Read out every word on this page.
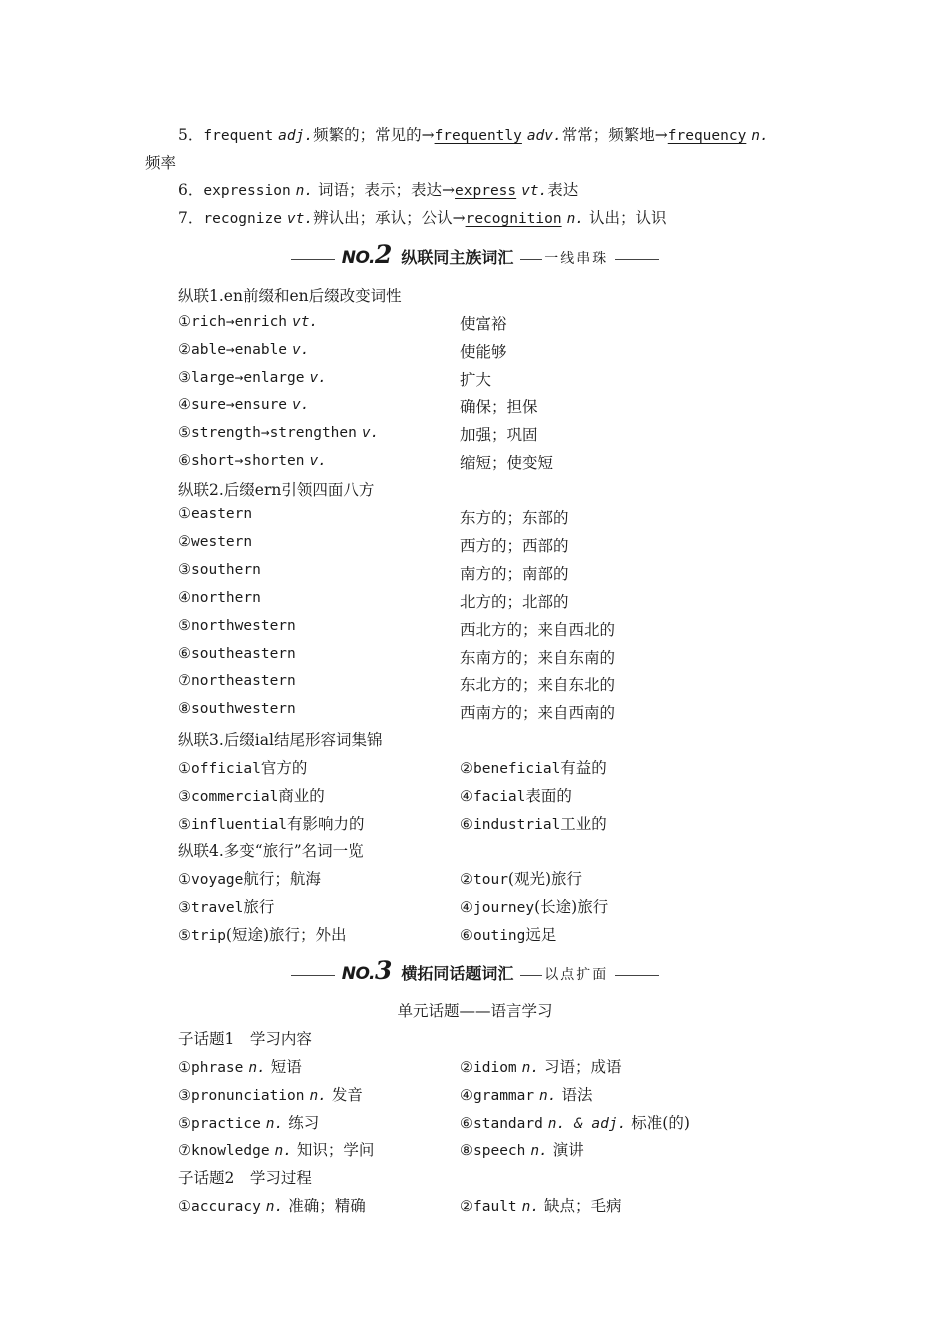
5．frequent adj.频繁的；常见的→frequently adv.常常；频繁地→frequency n.
频率
6．expression n. 词语；表示；表达→express vt.表达
7．recognize vt.辨认出；承认；公认→recognition n. 认出；认识
NO.2 纵联同主族词汇 一线串珠
纵联1.en前缀和en后缀改变词性
①rich→enrich vt.	使富裕
②able→enable v.	使能够
③large→enlarge v.	扩大
④sure→ensure v.	确保；担保
⑤strength→strengthen v.	加强；巩固
⑥short→shorten v.	缩短；使变短
纵联2.后缀ern引领四面八方
①eastern	东方的；东部的
②western	西方的；西部的
③southern	南方的；南部的
④northern	北方的；北部的
⑤northwestern	西北方的；来自西北的
⑥southeastern	东南方的；来自东南的
⑦northeastern	东北方的；来自东北的
⑧southwestern	西南方的；来自西南的
纵联3.后缀ial结尾形容词集锦
①official官方的	②beneficial有益的
③commercial商业的	④facial表面的
⑤influential有影响力的	⑥industrial工业的
纵联4.多变“旅行”名词一览
①voyage航行；航海	②tour(观光)旅行
③travel旅行	④journey(长途)旅行
⑤trip(短途)旅行；外出	⑥outing远足
NO.3 横拓同话题词汇 以点扩面
单元话题——语言学习
子话题1　学习内容
①phrase n. 短语	②idiom n. 习语；成语
③pronunciation n. 发音	④grammar n. 语法
⑤practice n. 练习	⑥standard n. & adj. 标准(的)
⑦knowledge n. 知识；学问	⑧speech n. 演讲
子话题2　学习过程
①accuracy n. 准确；精确	②fault n. 缺点；毛病
